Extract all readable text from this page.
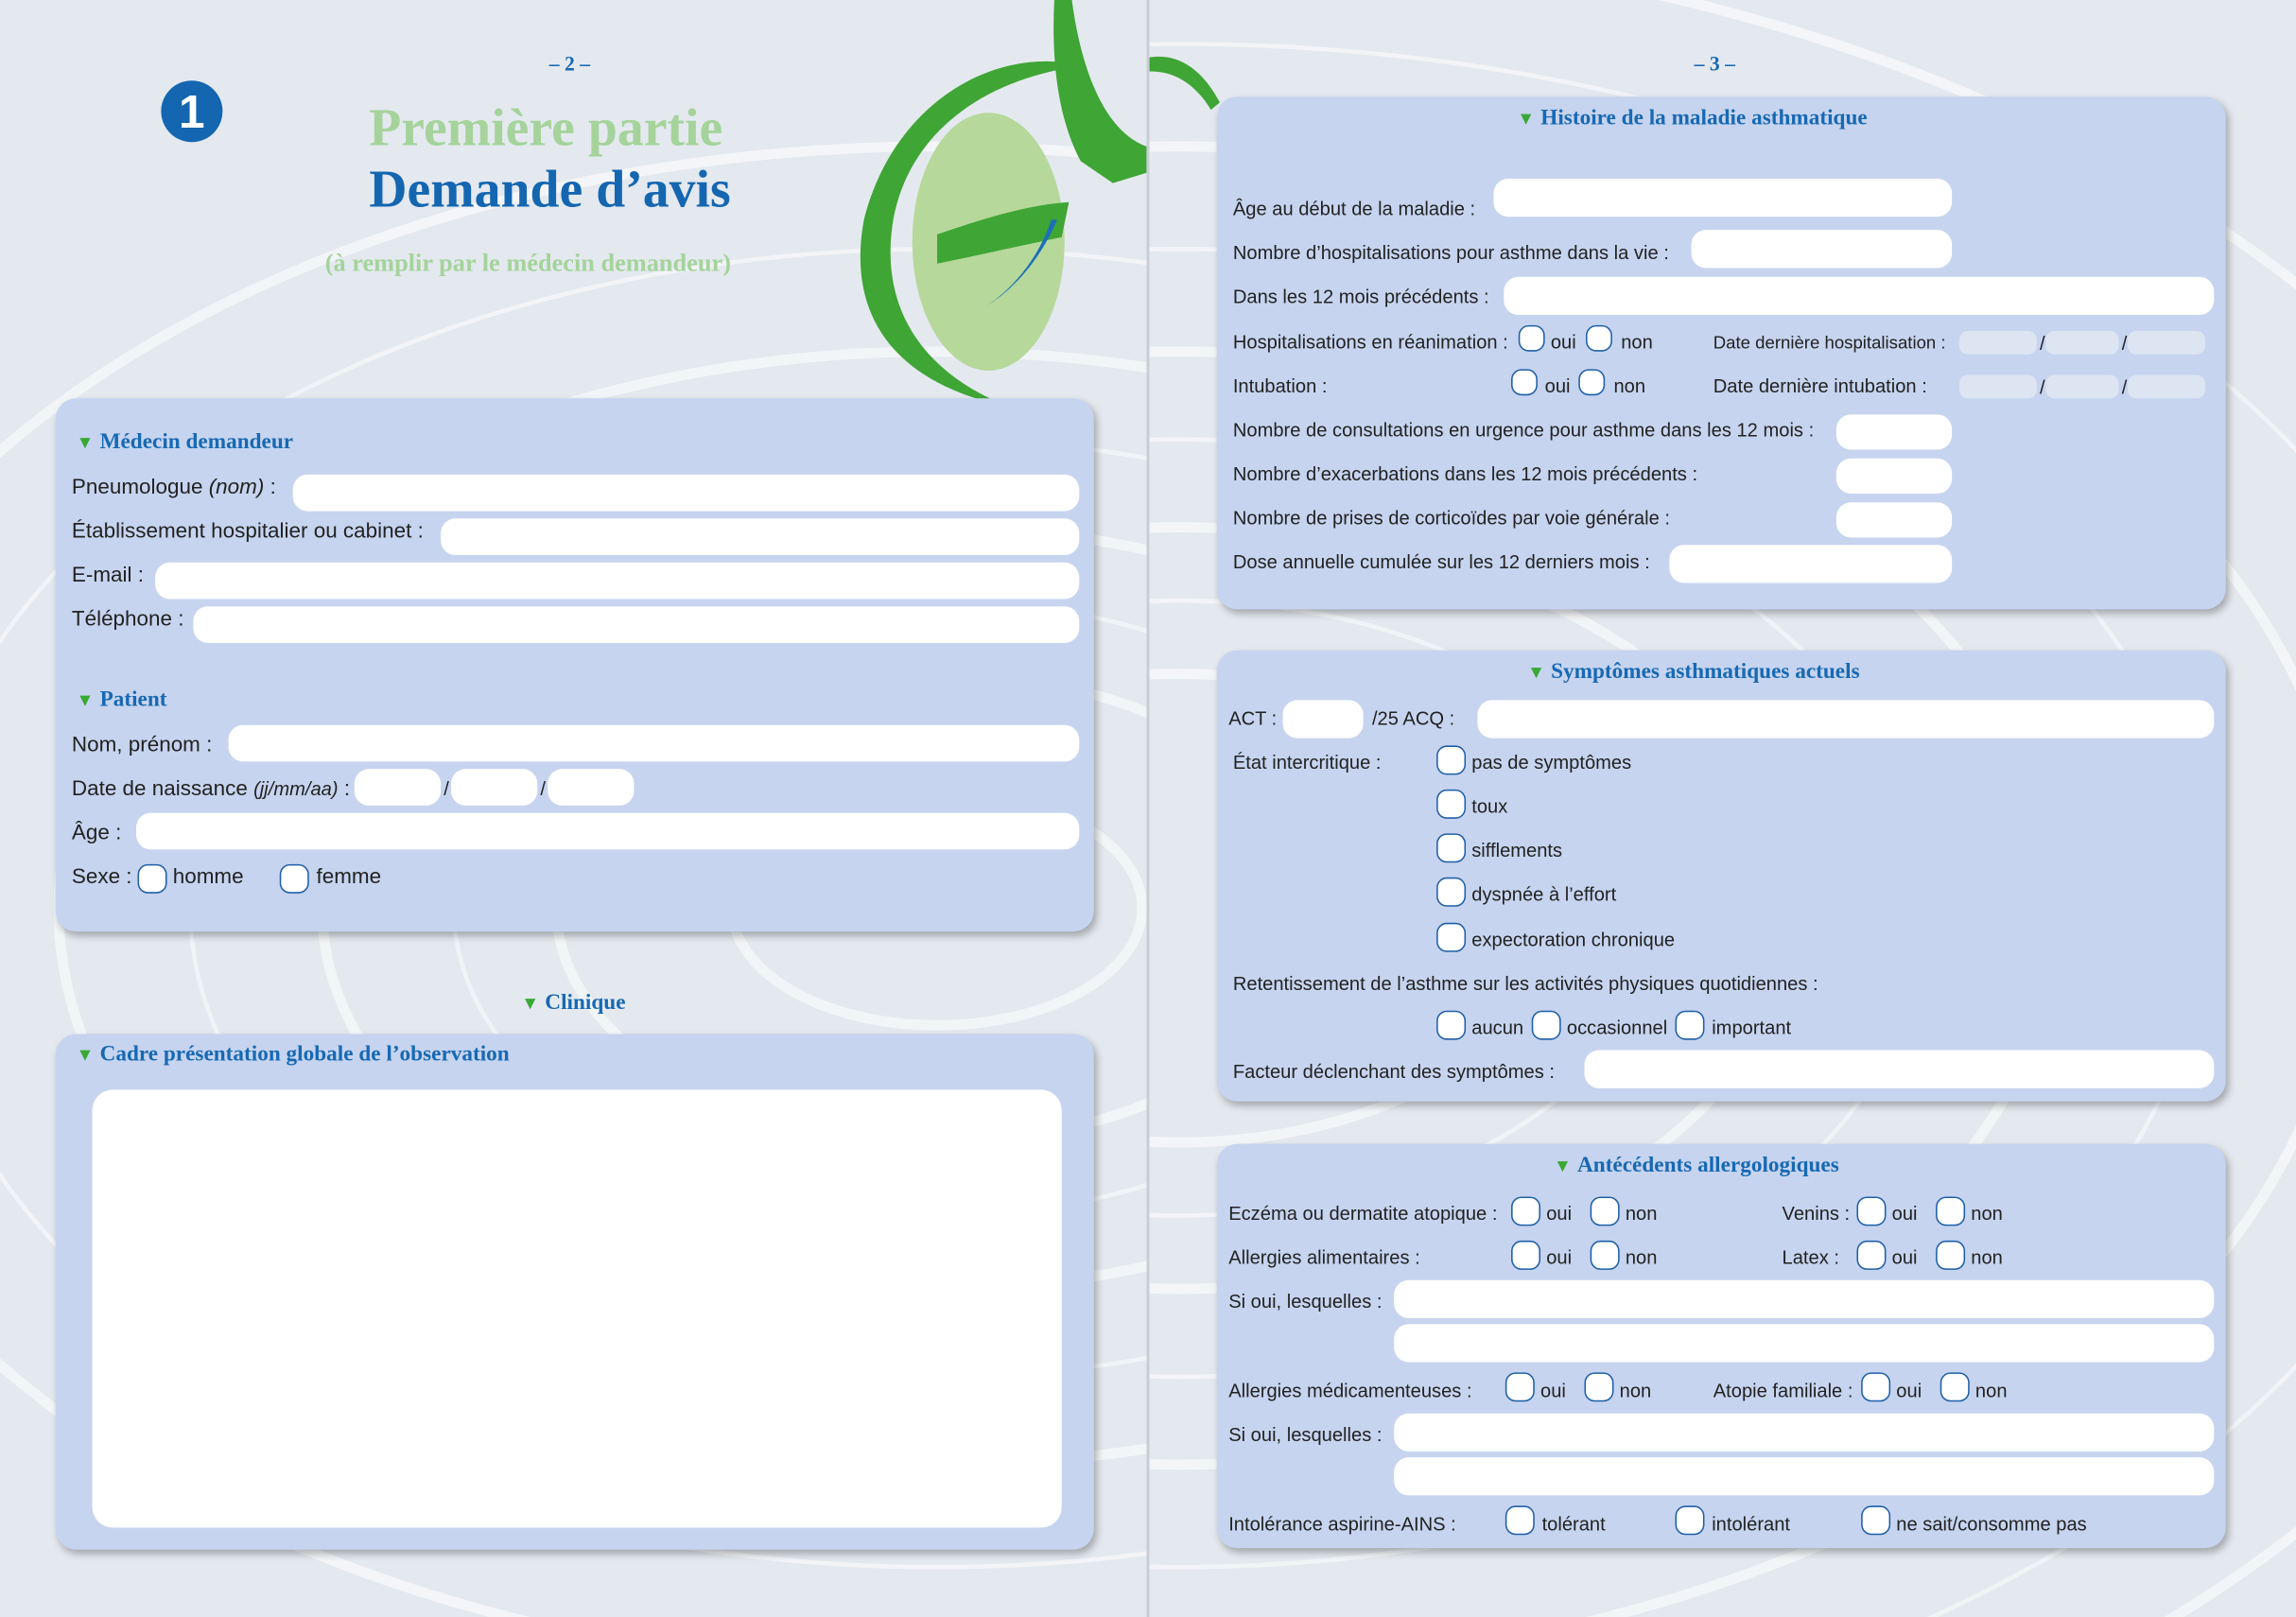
– 2 –
1	Première partie
Demande d’avis
(à remplir par le médecin demandeur)
▼ Médecin demandeur
Pneumologue (nom) :
Établissement hospitalier ou cabinet :
E-mail :
Téléphone :
▼ Patient
Nom, prénom :
Date de naissance (jj/mm/aa) :	/	/
Âge :
Sexe :	homme	femme
▼ Clinique
▼ Cadre présentation globale de l’observation
– 3 –
▼ Histoire de la maladie asthmatique
Âge au début de la maladie :
Nombre d’hospitalisations pour asthme dans la vie :
Dans les 12 mois précédents :
Hospitalisations en réanimation :	oui	non	Date dernière hospitalisation :	/	/
Intubation :	oui	non	Date dernière intubation :	/	/
Nombre de consultations en urgence pour asthme dans les 12 mois :
Nombre d’exacerbations dans les 12 mois précédents :
Nombre de prises de corticoïdes par voie générale :
Dose annuelle cumulée sur les 12 derniers mois :
▼ Symptômes asthmatiques actuels
ACT :	/25 ACQ :
État intercritique :	pas de symptômes
toux
sifflements
dyspnée à l’effort
expectoration chronique
Retentissement de l’asthme sur les activités physiques quotidiennes :
aucun	occasionnel	important
Facteur déclenchant des symptômes :
▼ Antécédents allergologiques
Eczéma ou dermatite atopique :	oui	non	Venins :	oui	non
Allergies alimentaires :	oui	non	Latex :	oui	non
Si oui, lesquelles :
Allergies médicamenteuses :	oui	non	Atopie familiale :	oui	non
Si oui, lesquelles :
Intolérance aspirine-AINS :	tolérant	intolérant	ne sait/consomme pas
